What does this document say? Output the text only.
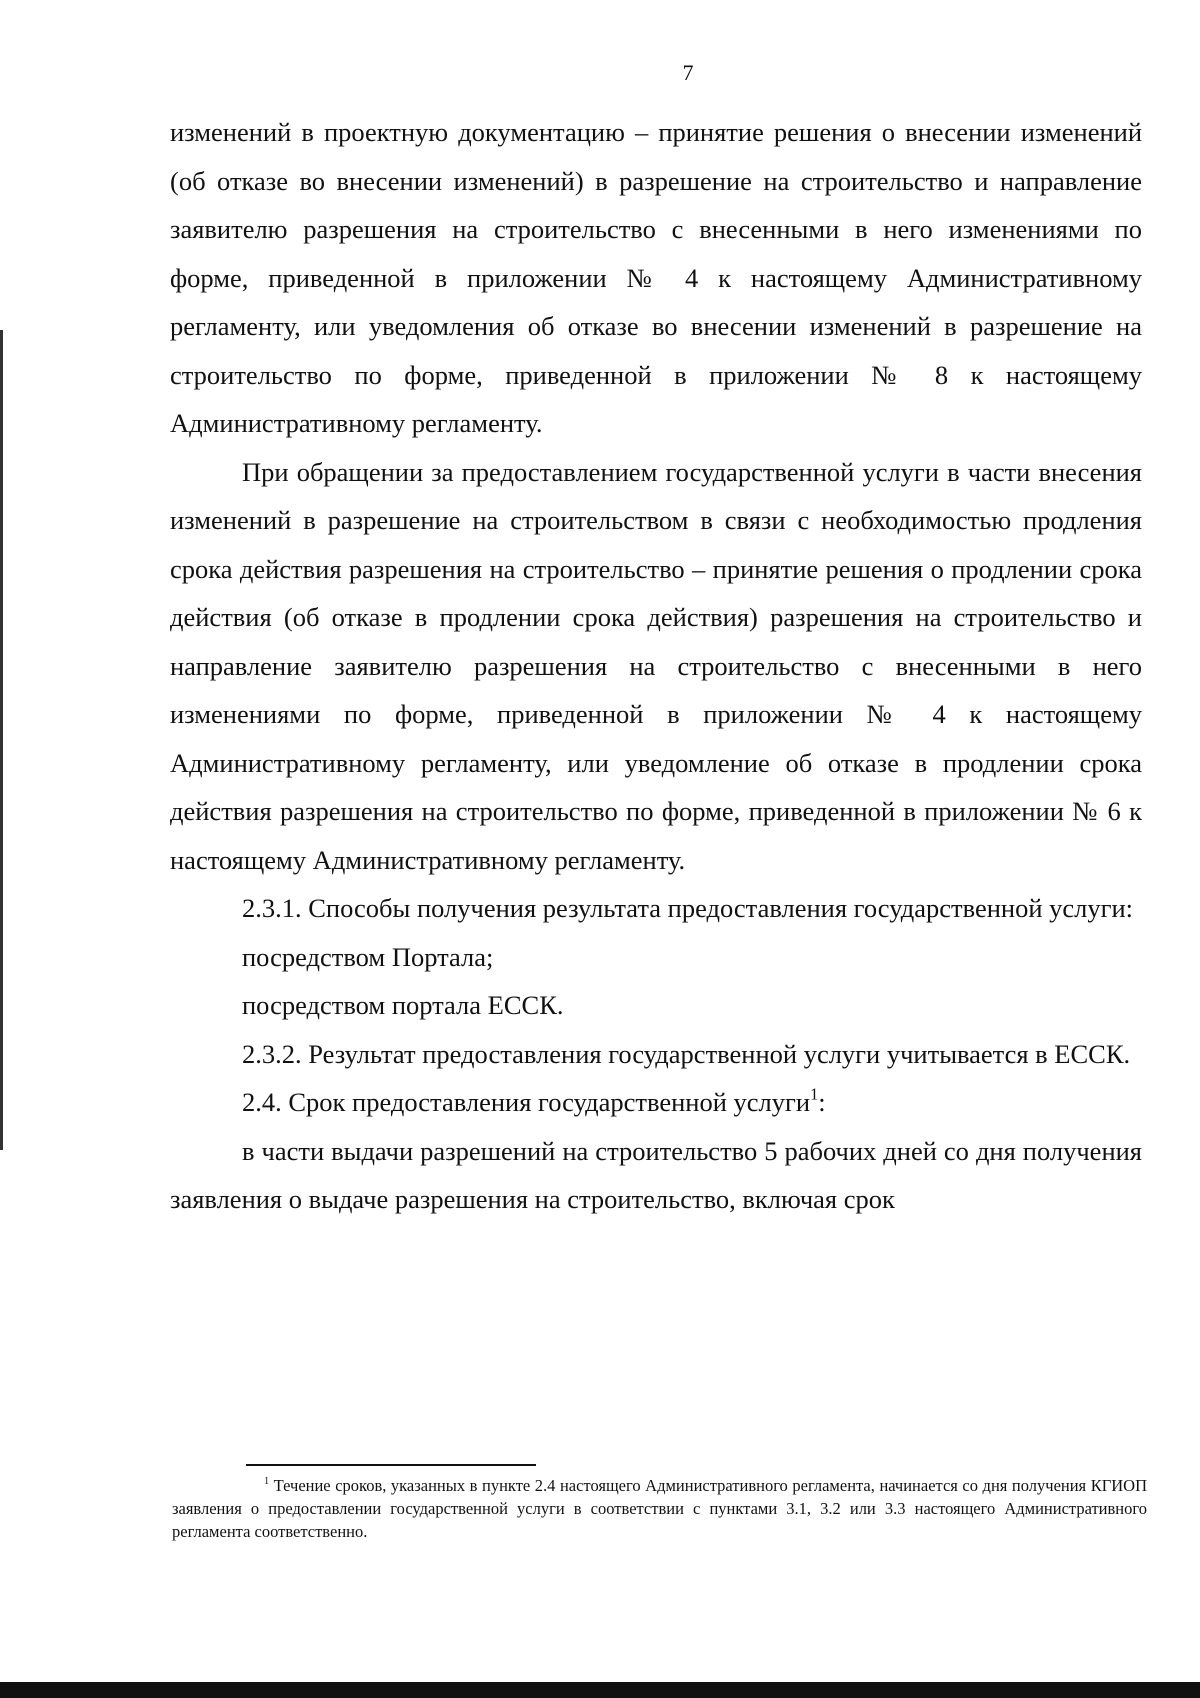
7

изменений в проектную документацию – принятие решения о внесении изменений (об отказе во внесении изменений) в разрешение на строительство и направление заявителю разрешения на строительство с внесенными в него изменениями по форме, приведенной в приложении № 4 к настоящему Административному регламенту, или уведомления об отказе во внесении изменений в разрешение на строительство по форме, приведенной в приложении № 8 к настоящему Административному регламенту.

При обращении за предоставлением государственной услуги в части внесения изменений в разрешение на строительством в связи с необходимостью продления срока действия разрешения на строительство – принятие решения о продлении срока действия (об отказе в продлении срока действия) разрешения на строительство и направление заявителю разрешения на строительство с внесенными в него изменениями по форме, приведенной в приложении № 4 к настоящему Административному регламенту, или уведомление об отказе в продлении срока действия разрешения на строительство по форме, приведенной в приложении № 6 к настоящему Административному регламенту.

2.3.1. Способы получения результата предоставления государственной услуги:

посредством Портала;

посредством портала ЕССК.

2.3.2. Результат предоставления государственной услуги учитывается в ЕССК.

2.4. Срок предоставления государственной услуги$^1$:

в части выдачи разрешений на строительство 5 рабочих дней со дня получения заявления о выдаче разрешения на строительство, включая срок

$^1$ Течение сроков, указанных в пункте 2.4 настоящего Административного регламента, начинается со дня получения КГИОП заявления о предоставлении государственной услуги в соответствии с пунктами 3.1, 3.2 или 3.3 настоящего Административного регламента соответственно.
